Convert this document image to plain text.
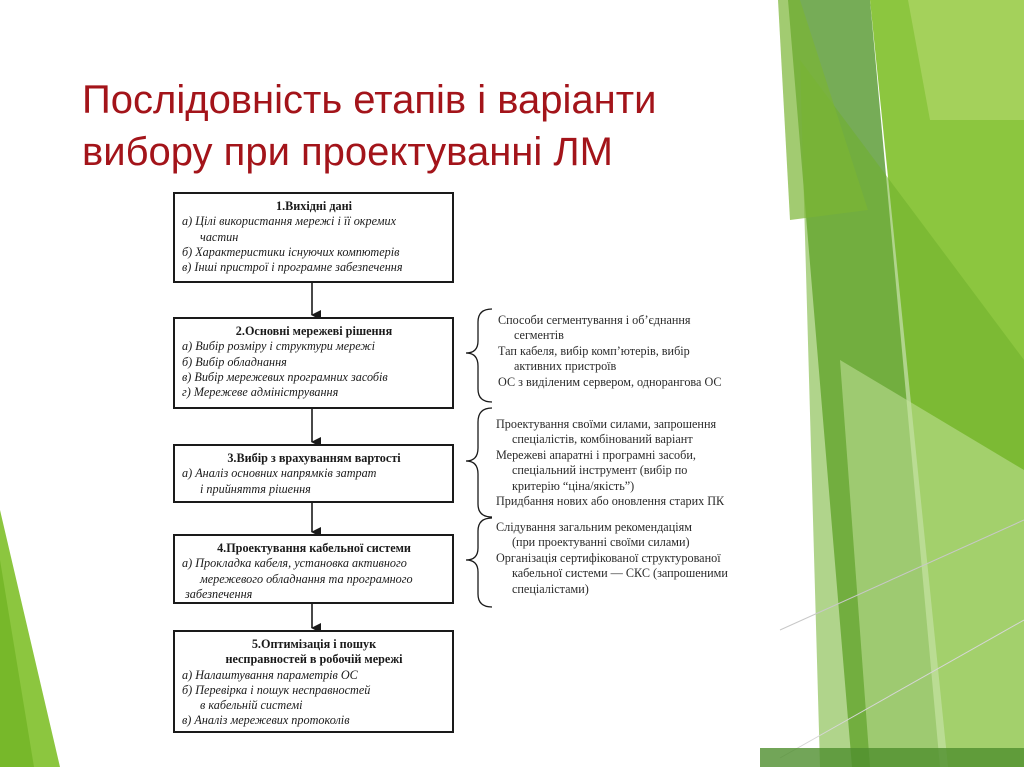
Послідовність етапів і варіанти
вибору при проектуванні ЛМ
1.Вихідні дані
а) Цілі використання мережі і її окремих
частин
б) Характеристики існуючих компютерів
в) Інші пристрої і програмне забезпечення
2.Основні мережеві рішення
а) Вибір розміру і структури мережі
б) Вибір обладнання
в) Вибір мережевих програмних засобів
г) Мережеве адміністрування
3.Вибір з врахуванням вартості
а) Аналіз основних напрямків затрат
і прийняття рішення
4.Проектування кабельної системи
а) Прокладка кабеля, установка активного
мережевого обладнання та програмного
забезпечення
5.Оптимізація і пошук
несправностей в робочій мережі
а) Налаштування параметрів ОС
б) Перевірка і пошук несправностей
в кабельній системі
в) Аналіз мережевих протоколів
Способи сегментування і об’єднання
сегментів
Тап кабеля, вибір комп’ютерів, вибір
активних пристроїв
ОС з виділеним сервером, однорангова ОС
Проектування своїми силами, запрошення
спеціалістів, комбінований варіант
Мережеві апаратні і програмні засоби,
спеціальний інструмент (вибір по
критерію “ціна/якість”)
Придбання нових або оновлення старих ПК
Слідування загальним рекомендаціям
(при проектуванні своїми силами)
Організація сертифікованої структурованої
кабельної системи — СКС (запрошеними
спеціалістами)
